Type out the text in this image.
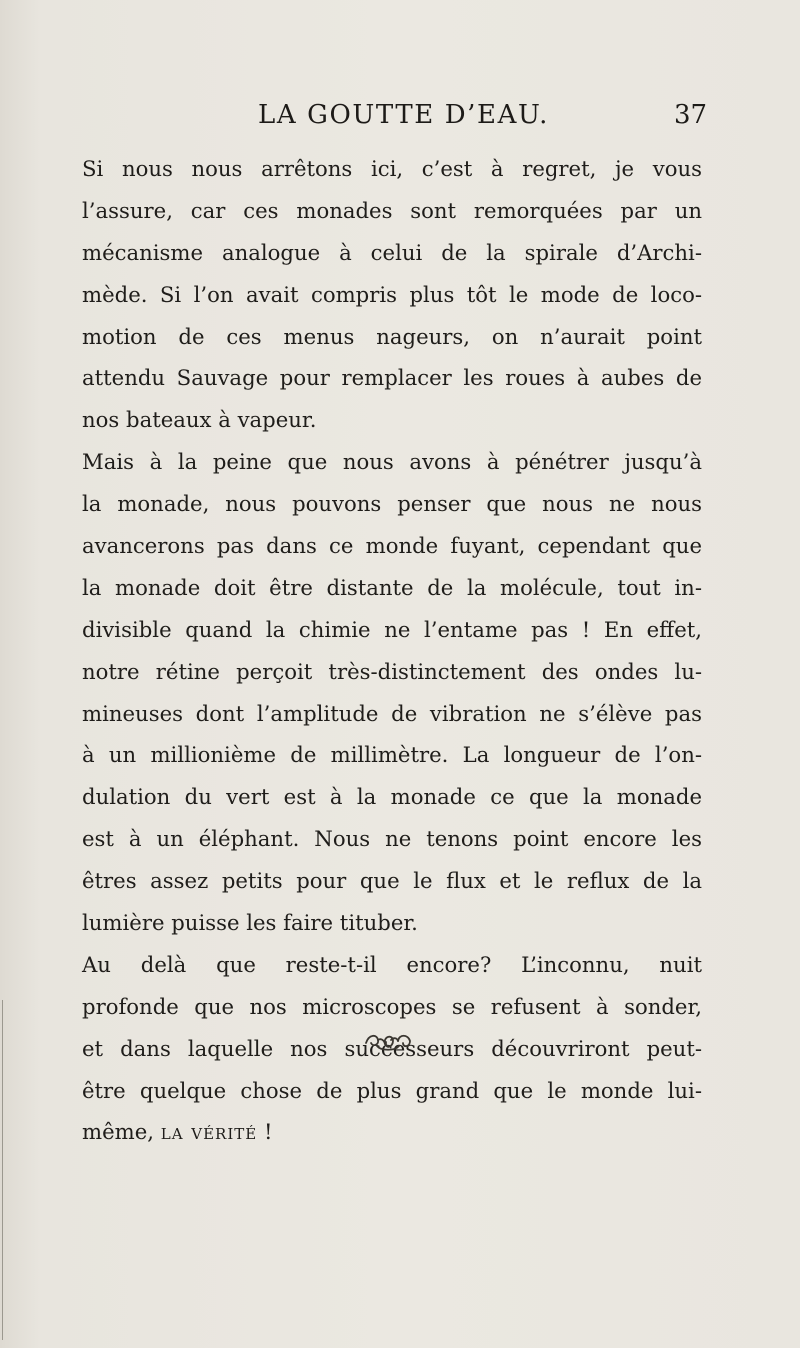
LA GOUTTE D’EAU.	37
Si nous nous arrêtons ici, c’est à regret, je vous
l’assure, car ces monades sont remorquées par un
mécanisme analogue à celui de la spirale d’Archi-
mède. Si l’on avait compris plus tôt le mode de loco-
motion de ces menus nageurs, on n’aurait point
attendu Sauvage pour remplacer les roues à aubes de
nos bateaux à vapeur.
Mais à la peine que nous avons à pénétrer jusqu’à
la monade, nous pouvons penser que nous ne nous
avancerons pas dans ce monde fuyant, cependant que
la monade doit être distante de la molécule, tout in-
divisible quand la chimie ne l’entame pas ! En effet,
notre rétine perçoit très-distinctement des ondes lu-
mineuses dont l’amplitude de vibration ne s’élève pas
à un millionième de millimètre. La longueur de l’on-
dulation du vert est à la monade ce que la monade
est à un éléphant. Nous ne tenons point encore les
êtres assez petits pour que le flux et le reflux de la
lumière puisse les faire tituber.
Au delà que reste-t-il encore? L’inconnu, nuit
profonde que nos microscopes se refusent à sonder,
et dans laquelle nos successeurs découvriront peut-
être quelque chose de plus grand que le monde lui-
même, la vérité !
